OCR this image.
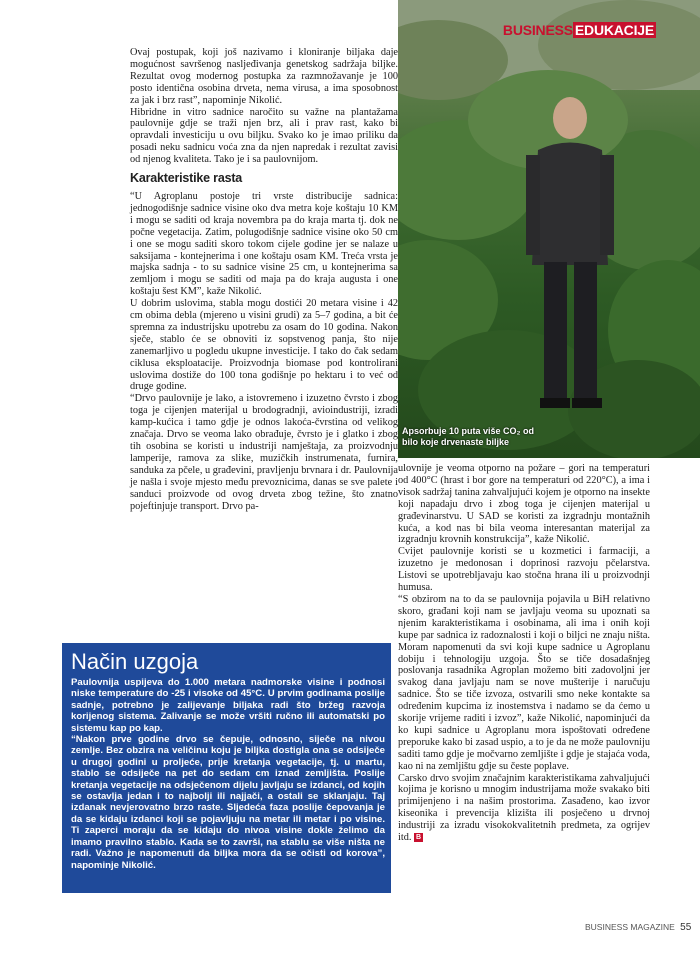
BUSINESS EDUKACIJE
Apsorbuje 10 puta više CO₂ od bilo koje drvenaste biljke

Ovaj postupak, koji još nazivamo i kloniranje biljaka daje mogućnost savršenog nasljeđivanja genetskog sadržaja biljke. Rezultat ovog modernog postupka za razmnožavanje je 100 posto identična osobina drveta, nema virusa, a ima sposobnost za jak i brz rast”, napominje Nikolić.

Hibridne in vitro sadnice naročito su važne na plantažama paulovnije gdje se traži njen brz, ali i prav rast, kako bi opravdali investiciju u ovu biljku. Svako ko je imao priliku da posadi neku sadnicu voća zna da njen napredak i rezultat zavisi od njenog kvaliteta. Tako je i sa paulovnijom.

Karakteristike rasta

“U Agroplanu postoje tri vrste distribucije sadnica: jednogodišnje sadnice visine oko dva metra koje koštaju 10 KM i mogu se saditi od kraja novembra pa do kraja marta tj. dok ne počne vegetacija. Zatim, polugodišnje sadnice visine oko 50 cm i one se mogu saditi skoro tokom cijele godine jer se nalaze u saksijama - kontejnerima i one koštaju osam KM. Treća vrsta je majska sadnja - to su sadnice visine 25 cm, u kontejnerima sa zemljom i mogu se saditi od maja pa do kraja augusta i one koštaju šest KM”, kaže Nikolić.

U dobrim uslovima, stabla mogu dostići 20 metara visine i 42 cm obima debla (mjereno u visini grudi) za 5–7 godina, a bit će spremna za industrijsku upotrebu za osam do 10 godina. Nakon sječe, stablo će se obnoviti iz sopstvenog panja, što nije zanemarljivo u pogledu ukupne investicije. I tako do čak sedam ciklusa eksploatacije. Proizvodnja biomase pod kontrolirani uslovima dostiže do 100 tona godišnje po hektaru i to već od druge godine.

“Drvo paulovnije je lako, a istovremeno i izuzetno čvrsto i zbog toga je cijenjen materijal u brodogradnji, avioindustriji, izradi kamp-kućica i tamo gdje je odnos lakoća-čvrstina od velikog značaja. Drvo se veoma lako obrađuje, čvrsto je i glatko i zbog tih osobina se koristi u industriji namještaja, za proizvodnju lamperije, ramova za slike, muzičkih instrumenata, furnira, sanduka za pčele, u građevini, pravljenju brvnara i dr. Paulovnija je našla i svoje mjesto među prevoznicima, danas se sve palete i sanduci proizvode od ovog drveta zbog težine, što znatno pojeftinjuje transport. Drvo pa-

ulovnije je veoma otporno na požare – gori na temperaturi od 400°C (hrast i bor gore na temperaturi od 220°C), a ima i visok sadržaj tanina zahvaljujući kojem je otporno na insekte koji napadaju drvo i zbog toga je cijenjen materijal u građevinarstvu. U SAD se koristi za izgradnju montažnih kuća, a kod nas bi bila veoma interesantan materijal za izgradnju krovnih konstrukcija”, kaže Nikolić.

Cvijet paulovnije koristi se u kozmetici i farmaciji, a izuzetno je medonosan i doprinosi razvoju pčelarstva. Listovi se upotrebljavaju kao stočna hrana ili u proizvodnji humusa.

“S obzirom na to da se paulovnija pojavila u BiH relativno skoro, građani koji nam se javljaju veoma su upoznati sa njenim karakteristikama i osobinama, ali ima i onih koji kupe par sadnica iz radoznalosti i koji o biljci ne znaju ništa. Moram napomenuti da svi koji kupe sadnice u Agroplanu dobiju i tehnologiju uzgoja. Što se tiče dosadašnjeg poslovanja rasadnika Agroplan možemo biti zadovoljni jer svakog dana javljaju nam se nove mušterije i naručuju sadnice. Što se tiče izvoza, ostvarili smo neke kontakte sa određenim kupcima iz inostemstva i nadamo se da ćemo u skorije vrijeme raditi i izvoz”, kaže Nikolić, napominjući da ko kupi sadnice u Agroplanu mora ispoštovati određene preporuke kako bi zasad uspio, a to je da ne može paulovniju saditi tamo gdje je močvarno zemljište i gdje je stajaća voda, kao ni na zemljištu gdje su česte poplave.

Carsko drvo svojim značajnim karakteristikama zahvaljujući kojima je korisno u mnogim industrijama može svakako biti primijenjeno i na našim prostorima. Zasađeno, kao izvor kiseonika i prevencija klizišta ili posječeno u drvnoj industriji za izradu visokokvalitetnih predmeta, za ogrijev itd. B

Način uzgoja

Paulovnija uspijeva do 1.000 metara nadmorske visine i podnosi niske temperature do -25 i visoke od 45°C. U prvim godinama poslije sadnje, potrebno je zalijevanje biljaka radi što bržeg razvoja korijenog sistema. Zalivanje se može vršiti ručno ili automatski po sistemu kap po kap.

“Nakon prve godine drvo se čepuje, odnosno, siječe na nivou zemlje. Bez obzira na veličinu koju je biljka dostigla ona se odsiječe u drugoj godini u proljeće, prije kretanja vegetacije, tj. u martu, stablo se odsiječe na pet do sedam cm iznad zemljišta. Poslije kretanja vegetacije na odsječenom dijelu javljaju se izdanci, od kojih se ostavlja jedan i to najbolji ili najjači, a ostali se sklanjaju. Taj izdanak nevjerovatno brzo raste. Sljedeća faza poslije čepovanja je da se kidaju izdanci koji se pojavljuju na metar ili metar i po visine. Ti zaperci moraju da se kidaju do nivoa visine dokle želimo da imamo pravilno stablo. Kada se to završi, na stablu se više ništa ne radi. Važno je napomenuti da biljka mora da se očisti od korova”, napominje Nikolić.

BUSINESS MAGAZINE 55
